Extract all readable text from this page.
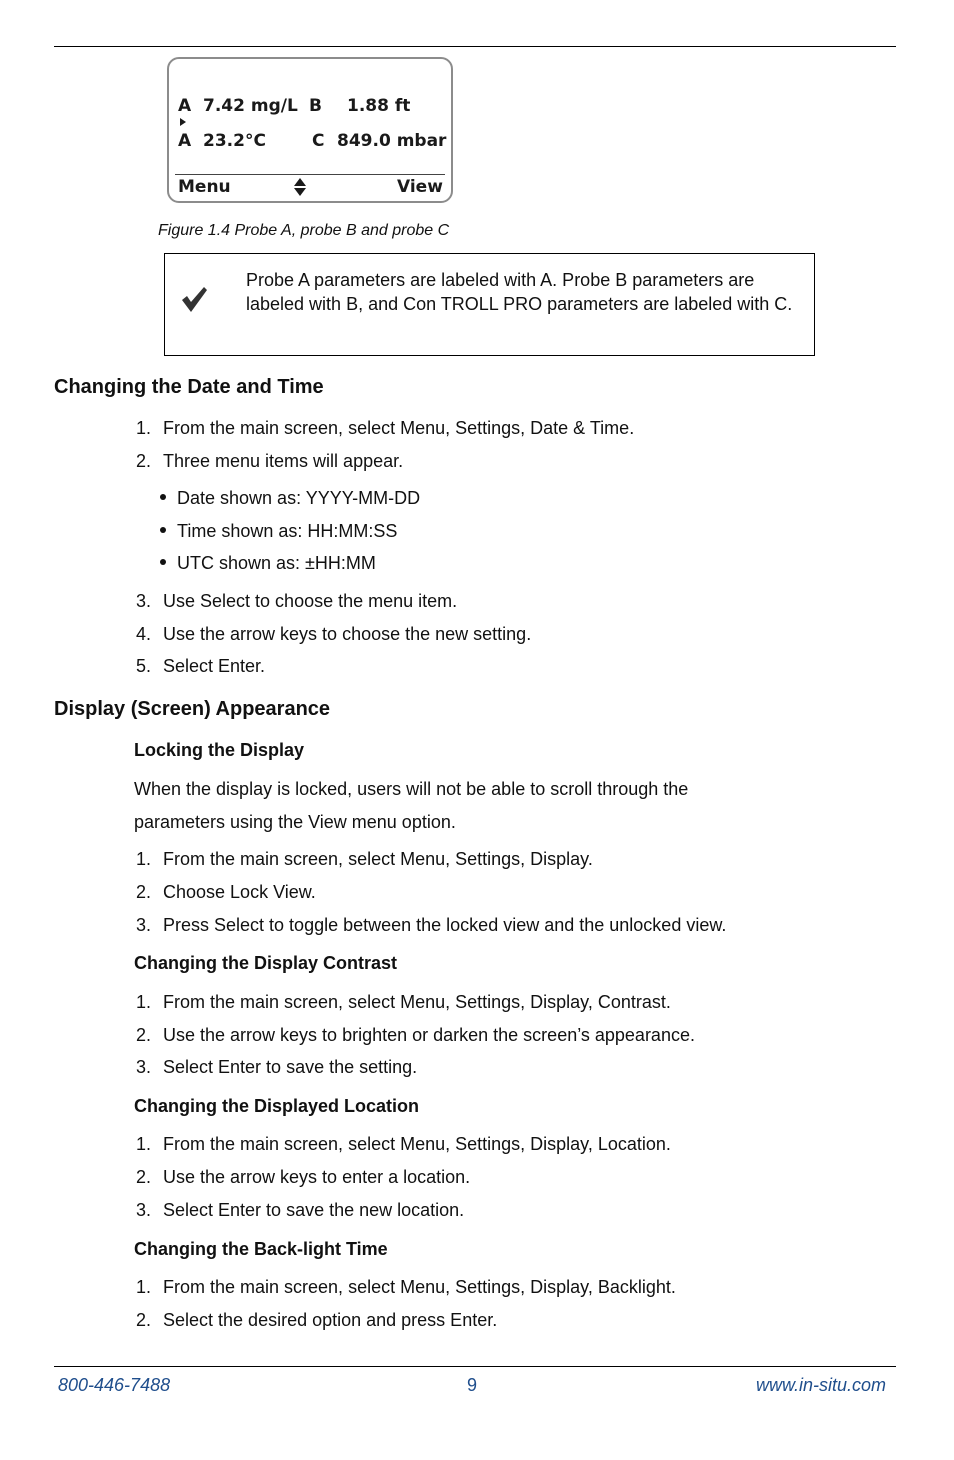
A 7.42 mg/L B 1.88 ft
A 23.2°C	C 849.0 mbar
Menu	View
Figure 1.4 Probe A, probe B and probe C
Probe A parameters are labeled with A. Probe B parameters are labeled with B, and Con TROLL PRO parameters are labeled with C.
Changing the Date and Time
1. From the main screen, select Menu, Settings, Date & Time.
2. Three menu items will appear.
Date shown as: YYYY-MM-DD
Time shown as: HH:MM:SS
UTC shown as: ±HH:MM
3. Use Select to choose the menu item.
4. Use the arrow keys to choose the new setting.
5. Select Enter.
Display (Screen) Appearance
Locking the Display
When the display is locked, users will not be able to scroll through the
parameters using the View menu option.
1. From the main screen, select Menu, Settings, Display.
2. Choose Lock View.
3. Press Select to toggle between the locked view and the unlocked view.
Changing the Display Contrast
1. From the main screen, select Menu, Settings, Display, Contrast.
2. Use the arrow keys to brighten or darken the screen’s appearance.
3. Select Enter to save the setting.
Changing the Displayed Location
1. From the main screen, select Menu, Settings, Display, Location.
2. Use the arrow keys to enter a location.
3. Select Enter to save the new location.
Changing the Back-light Time
1. From the main screen, select Menu, Settings, Display, Backlight.
2. Select the desired option and press Enter.
800-446-7488	9	www.in-situ.com
